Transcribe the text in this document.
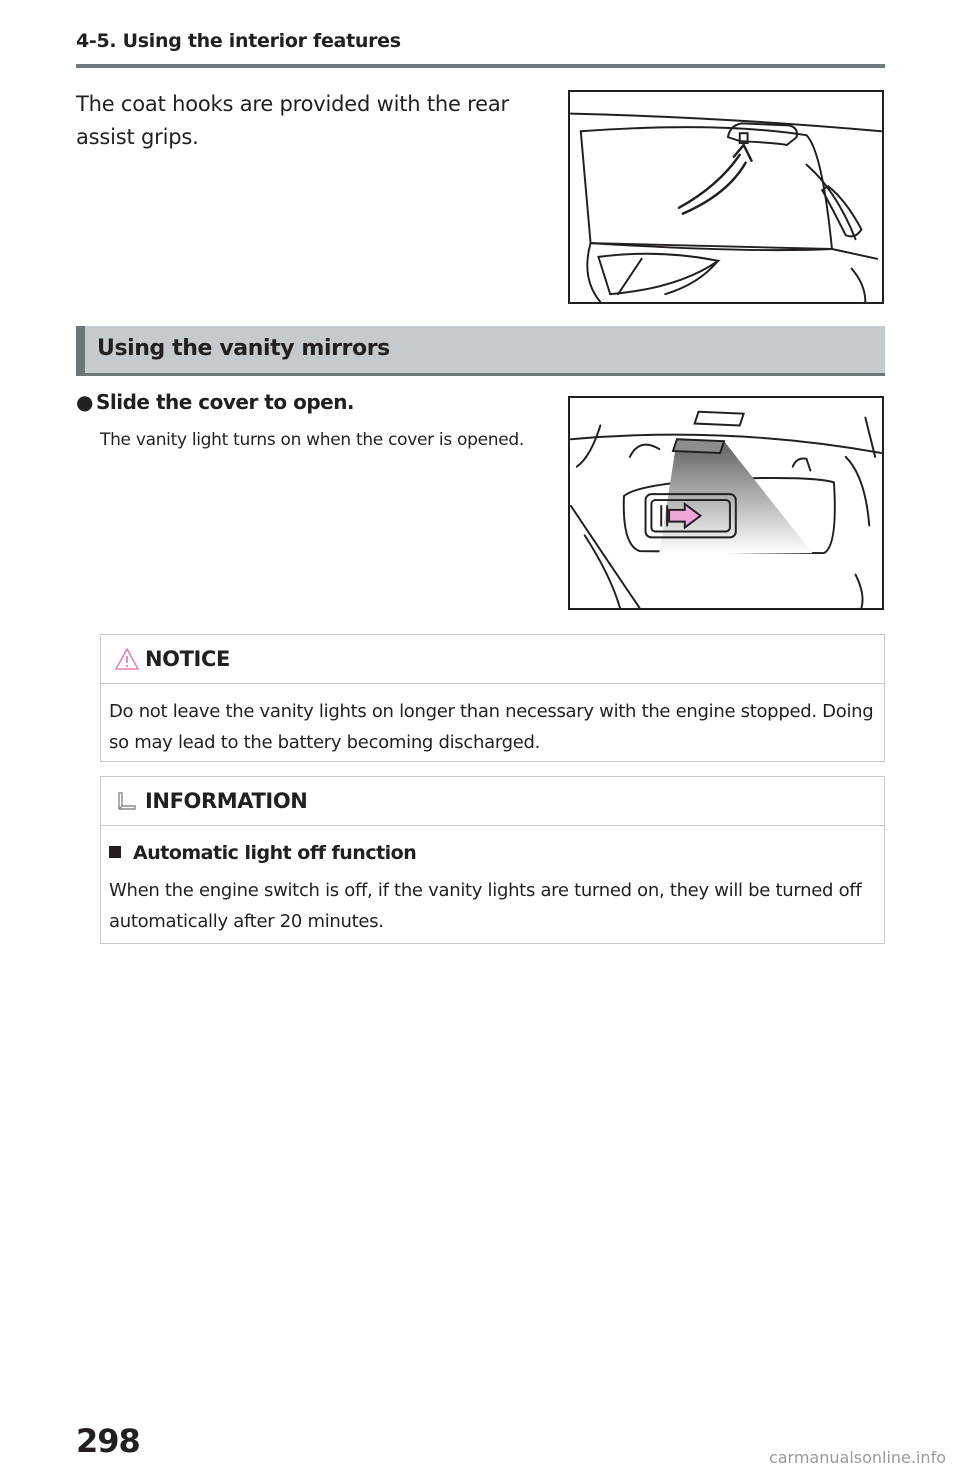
4-5. Using the interior features
The coat hooks are provided with the rear assist grips.
Using the vanity mirrors
● Slide the cover to open.
The vanity light turns on when the cover is opened.
NOTICE
Do not leave the vanity lights on longer than necessary with the engine stopped. Doing so may lead to the battery becoming discharged.
INFORMATION
Automatic light off function
When the engine switch is off, if the vanity lights are turned on, they will be turned off automatically after 20 minutes.
298	carmanualsonline.info
